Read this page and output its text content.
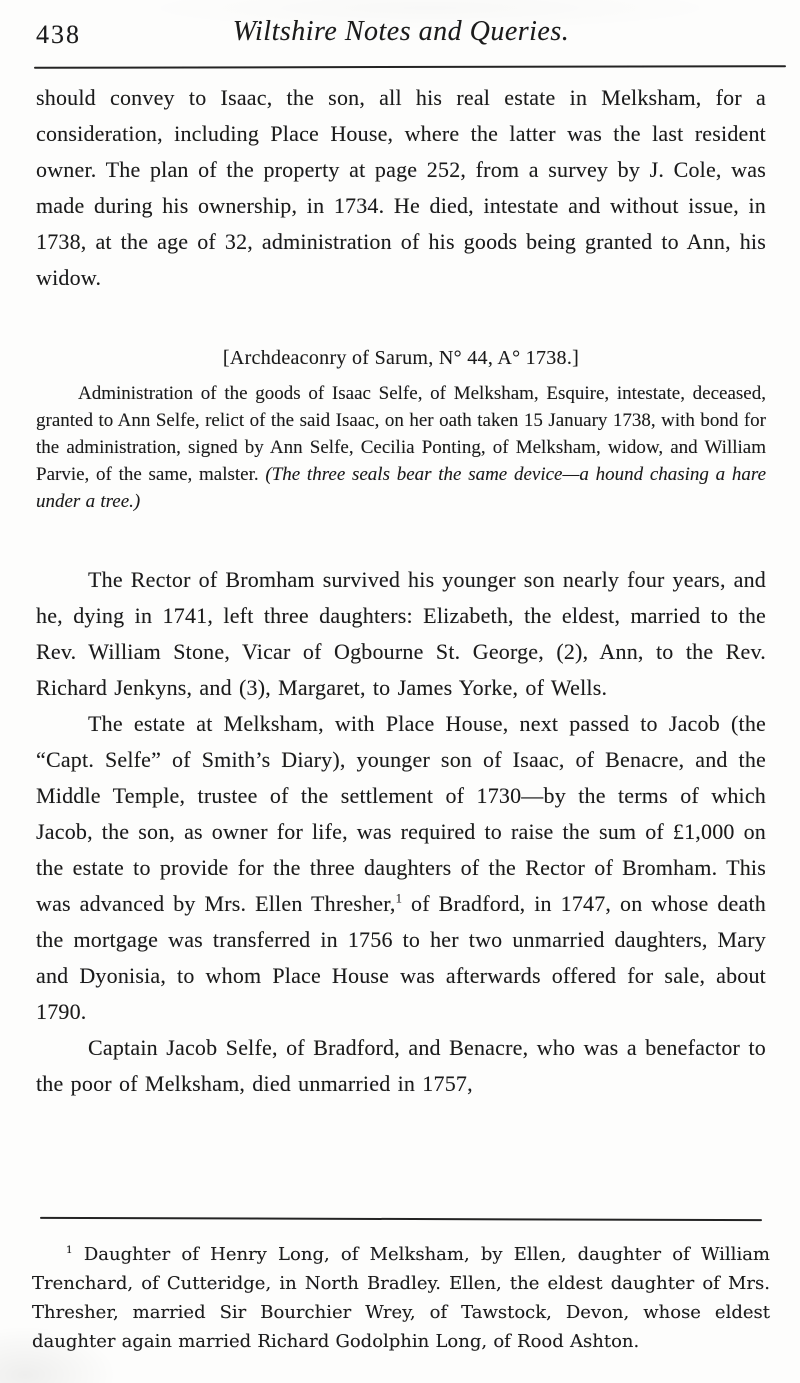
438	Wiltshire Notes and Queries.

should convey to Isaac, the son, all his real estate in Melksham, for a consideration, including Place House, where the latter was the last resident owner. The plan of the property at page 252, from a survey by J. Cole, was made during his ownership, in 1734. He died, intestate and without issue, in 1738, at the age of 32, administration of his goods being granted to Ann, his widow.

[Archdeaconry of Sarum, N° 44, A° 1738.]

Administration of the goods of Isaac Selfe, of Melksham, Esquire, intestate, deceased, granted to Ann Selfe, relict of the said Isaac, on her oath taken 15 January 1738, with bond for the administration, signed by Ann Selfe, Cecilia Ponting, of Melksham, widow, and William Parvie, of the same, malster. (The three seals bear the same device—a hound chasing a hare under a tree.)

The Rector of Bromham survived his younger son nearly four years, and he, dying in 1741, left three daughters: Elizabeth, the eldest, married to the Rev. William Stone, Vicar of Ogbourne St. George, (2), Ann, to the Rev. Richard Jenkyns, and (3), Margaret, to James Yorke, of Wells.

The estate at Melksham, with Place House, next passed to Jacob (the “Capt. Selfe” of Smith’s Diary), younger son of Isaac, of Benacre, and the Middle Temple, trustee of the settlement of 1730—by the terms of which Jacob, the son, as owner for life, was required to raise the sum of £1,000 on the estate to provide for the three daughters of the Rector of Bromham. This was advanced by Mrs. Ellen Thresher,$^1$ of Bradford, in 1747, on whose death the mortgage was transferred in 1756 to her two unmarried daughters, Mary and Dyonisia, to whom Place House was afterwards offered for sale, about 1790.

Captain Jacob Selfe, of Bradford, and Benacre, who was a benefactor to the poor of Melksham, died unmarried in 1757,

$^1$ Daughter of Henry Long, of Melksham, by Ellen, daughter of William Trenchard, of Cutteridge, in North Bradley. Ellen, the eldest daughter of Mrs. Thresher, married Sir Bourchier Wrey, of Tawstock, Devon, whose eldest daughter again married Richard Godolphin Long, of Rood Ashton.
